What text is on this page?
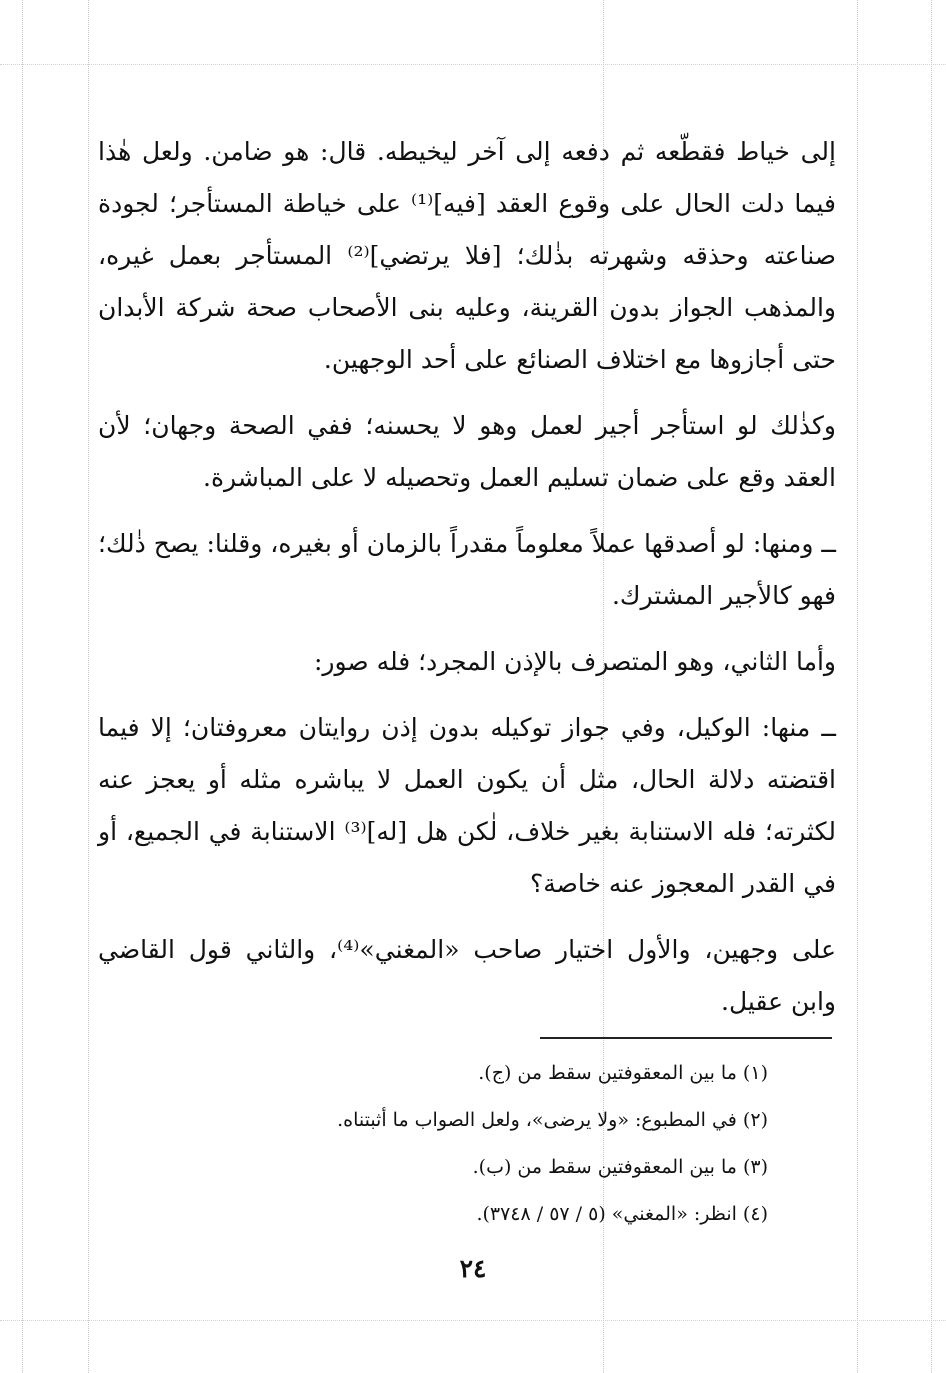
إلى خياط فقطّعه ثم دفعه إلى آخر ليخيطه. قال: هو ضامن. ولعل هٰذا فيما دلت الحال على وقوع العقد [فيه]⁽¹⁾ على خياطة المستأجر؛ لجودة صناعته وحذقه وشهرته بذٰلك؛ [فلا يرتضي]⁽²⁾ المستأجر بعمل غيره، والمذهب الجواز بدون القرينة، وعليه بنى الأصحاب صحة شركة الأبدان حتى أجازوها مع اختلاف الصنائع على أحد الوجهين.

وكذٰلك لو استأجر أجير لعمل وهو لا يحسنه؛ ففي الصحة وجهان؛ لأن العقد وقع على ضمان تسليم العمل وتحصيله لا على المباشرة.

ــ ومنها: لو أصدقها عملاً معلوماً مقدراً بالزمان أو بغيره، وقلنا: يصح ذٰلك؛ فهو كالأجير المشترك.

وأما الثاني، وهو المتصرف بالإذن المجرد؛ فله صور:

ــ منها: الوكيل، وفي جواز توكيله بدون إذن روايتان معروفتان؛ إلا فيما اقتضته دلالة الحال، مثل أن يكون العمل لا يباشره مثله أو يعجز عنه لكثرته؛ فله الاستنابة بغير خلاف، لٰكن هل [له]⁽³⁾ الاستنابة في الجميع، أو في القدر المعجوز عنه خاصة؟

على وجهين، والأول اختيار صاحب «المغني»⁽⁴⁾، والثاني قول القاضي وابن عقيل.

(١) ما بين المعقوفتين سقط من (ج).

(٢) في المطبوع: «ولا يرضى»، ولعل الصواب ما أثبتناه.

(٣) ما بين المعقوفتين سقط من (ب).

(٤) انظر: «المغني» (٥ / ٥٧ / ٣٧٤٨).

٢٤
